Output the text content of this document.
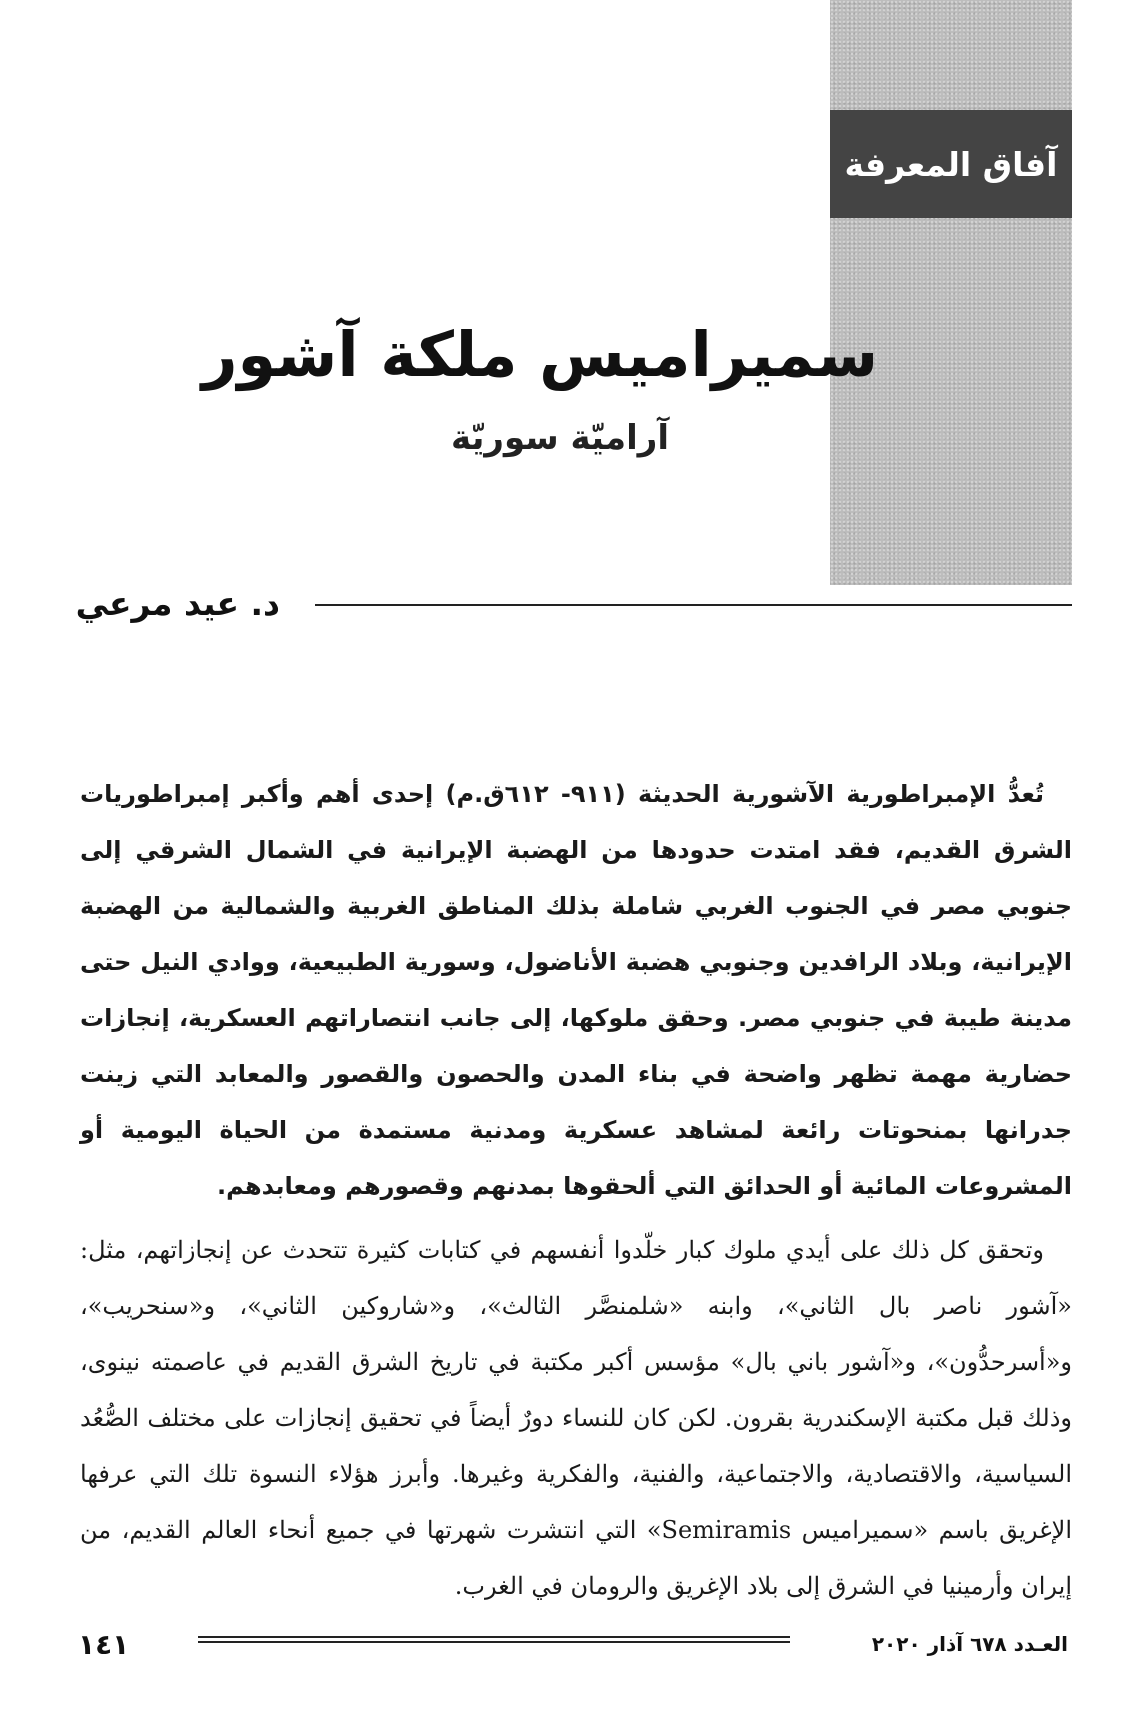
آفاق المعرفة
سميراميس ملكة آشور
آراميّة سوريّة
د. عيد مرعي

تُعدُّ الإمبراطورية الآشورية الحديثة (٩١١- ٦١٢ق.م) إحدى أهم وأكبر إمبراطوريات الشرق القديم، فقد امتدت حدودها من الهضبة الإيرانية في الشمال الشرقي إلى جنوبي مصر في الجنوب الغربي شاملة بذلك المناطق الغربية والشمالية من الهضبة الإيرانية، وبلاد الرافدين وجنوبي هضبة الأناضول، وسورية الطبيعية، ووادي النيل حتى مدينة طيبة في جنوبي مصر. وحقق ملوكها، إلى جانب انتصاراتهم العسكرية، إنجازات حضارية مهمة تظهر واضحة في بناء المدن والحصون والقصور والمعابد التي زينت جدرانها بمنحوتات رائعة لمشاهد عسكرية ومدنية مستمدة من الحياة اليومية أو المشروعات المائية أو الحدائق التي ألحقوها بمدنهم وقصورهم ومعابدهم.

وتحقق كل ذلك على أيدي ملوك كبار خلّدوا أنفسهم في كتابات كثيرة تتحدث عن إنجازاتهم، مثل: «آشور ناصر بال الثاني»، وابنه «شلمنصَّر الثالث»، و«شاروكين الثاني»، و«سنحريب»، و«أسرحدُّون»، و«آشور باني بال» مؤسس أكبر مكتبة في تاريخ الشرق القديم في عاصمته نينوى، وذلك قبل مكتبة الإسكندرية بقرون. لكن كان للنساء دورٌ أيضاً في تحقيق إنجازات على مختلف الصُّعُد السياسية، والاقتصادية، والاجتماعية، والفنية، والفكرية وغيرها. وأبرز هؤلاء النسوة تلك التي عرفها الإغريق باسم «سميراميس Semiramis» التي انتشرت شهرتها في جميع أنحاء العالم القديم، من إيران وأرمينيا في الشرق إلى بلاد الإغريق والرومان في الغرب.

١٤١	العـدد ٦٧٨ آذار ٢٠٢٠
